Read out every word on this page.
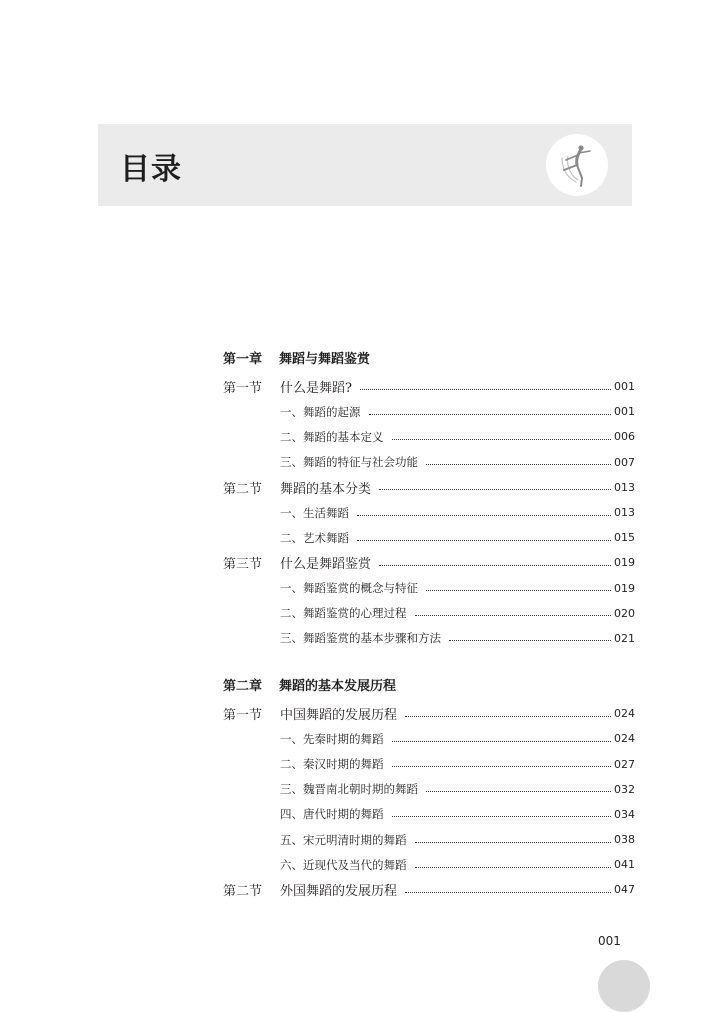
目录
第一章 舞蹈与舞蹈鉴赏
第一节	什么是舞蹈?	001
一、舞蹈的起源	001
二、舞蹈的基本定义	006
三、舞蹈的特征与社会功能	007
第二节	舞蹈的基本分类	013
一、生活舞蹈	013
二、艺术舞蹈	015
第三节	什么是舞蹈鉴赏	019
一、舞蹈鉴赏的概念与特征	019
二、舞蹈鉴赏的心理过程	020
三、舞蹈鉴赏的基本步骤和方法	021
第二章 舞蹈的基本发展历程
第一节	中国舞蹈的发展历程	024
一、先秦时期的舞蹈	024
二、秦汉时期的舞蹈	027
三、魏晋南北朝时期的舞蹈	032
四、唐代时期的舞蹈	034
五、宋元明清时期的舞蹈	038
六、近现代及当代的舞蹈	041
第二节	外国舞蹈的发展历程	047
001
